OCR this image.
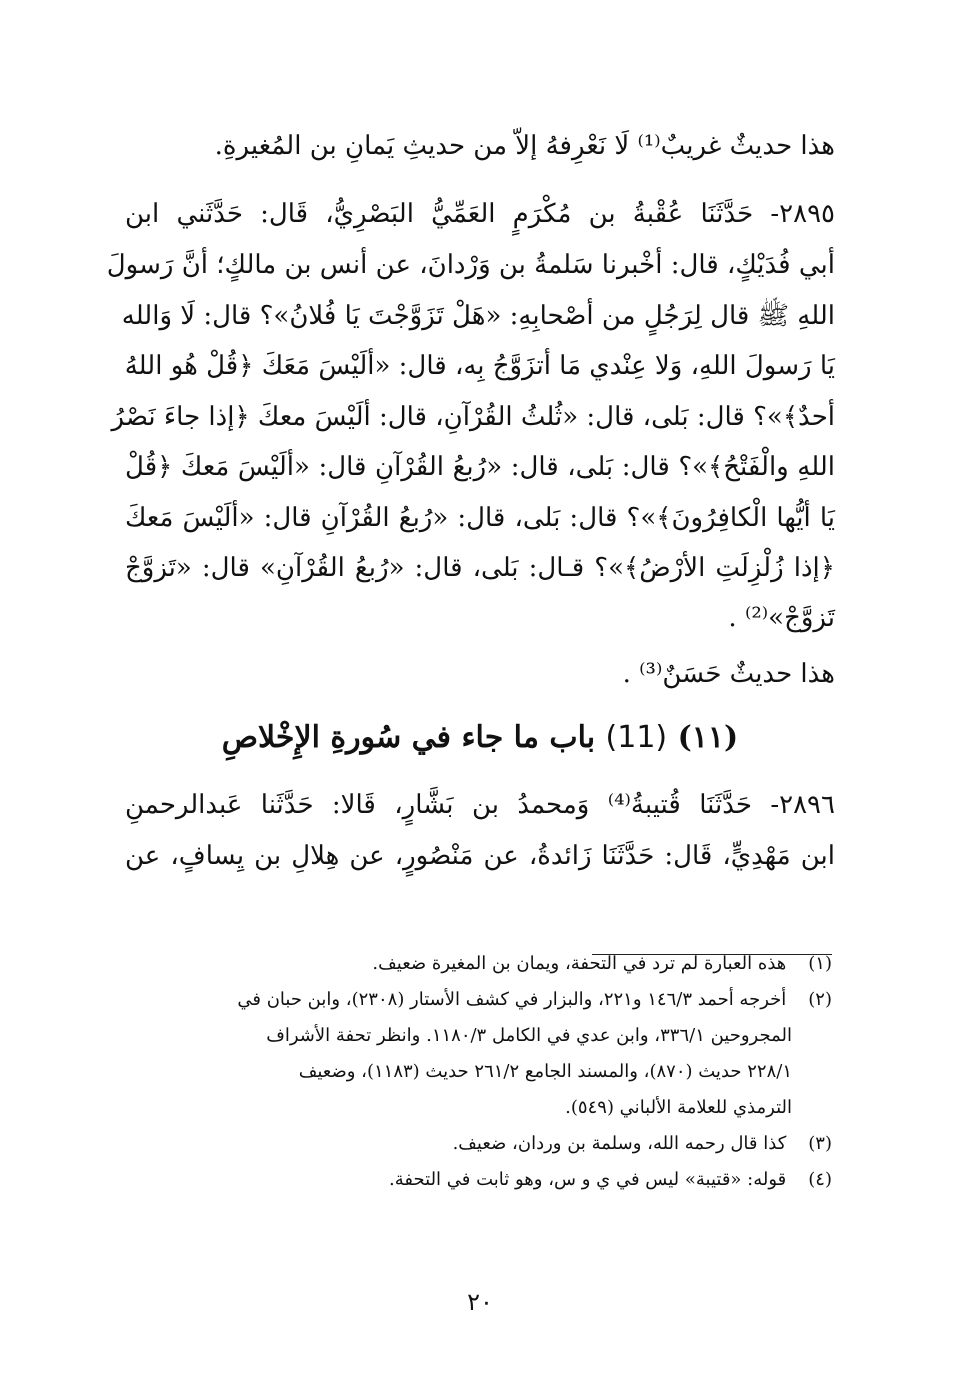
هذا حديثٌ غريبٌ⁽¹⁾ لَا نَعْرِفهُ إلاّ من حديثِ يَمانِ بن المُغيرةِ.
٢٨٩٥- حَدَّثَنَا عُقْبةُ بن مُكْرَمٍ العَمِّيُّ البَصْرِيُّ، قَال: حَدَّثَني ابن
أبي فُدَيْكٍ، قال: أخْبرنا سَلمةُ بن وَرْدانَ، عن أنس بن مالكٍ؛ أنَّ رَسولَ
اللهِ ﷺ قال لِرَجُلٍ من أصْحابِهِ: «هَلْ تَزَوَّجْتَ يَا فُلانُ»؟ قال: لَا وَالله
يَا رَسولَ اللهِ، وَلا عِنْدي مَا أتزَوَّجُ بِه، قال: «ألَيْسَ مَعَكَ ﴿قُلْ هُو اللهُ
أحدٌ﴾»؟ قال: بَلى، قال: «ثُلثُ القُرْآنِ، قال: ألَيْسَ معكَ ﴿إذا جاءَ نَصْرُ
اللهِ والْفَتْحُ﴾»؟ قال: بَلى، قال: «رُبعُ القُرْآنِ قال: «ألَيْسَ مَعكَ ﴿قُلْ
يَا أيُّها الْكافِرُونَ﴾»؟ قال: بَلى، قال: «رُبعُ القُرْآنِ قال: «ألَيْسَ مَعكَ
﴿إذا زُلْزِلَتِ الأرْضُ﴾»؟ قـال: بَلى، قال: «رُبعُ القُرْآنِ» قال: «تَزوَّجْ
تَزوَّجْ»⁽²⁾ .
هذا حديثٌ حَسَنٌ⁽³⁾ .
(١١) (11) باب ما جاء في سُورةِ الإِخْلاصِ
٢٨٩٦- حَدَّثَنَا قُتيبةُ⁽⁴⁾ وَمحمدُ بن بَشَّارٍ، قَالا: حَدَّثَنا عَبدالرحمنِ
ابن مَهْدِيٍّ، قَال: حَدَّثَنَا زَائدةُ، عن مَنْصُورٍ، عن هِلالِ بن يِسافٍ، عن
(١) هذه العبارة لم ترد في التحفة، ويمان بن المغيرة ضعيف.
(٢) أخرجه أحمد ١٤٦/٣ و٢٢١، والبزار في كشف الأستار (٢٣٠٨)، وابن حبان في
المجروحين ٣٣٦/١، وابن عدي في الكامل ١١٨٠/٣. وانظر تحفة الأشراف
٢٢٨/١ حديث (٨٧٠)، والمسند الجامع ٢٦١/٢ حديث (١١٨٣)، وضعيف
الترمذي للعلامة الألباني (٥٤٩).
(٣) كذا قال رحمه الله، وسلمة بن وردان، ضعيف.
(٤) قوله: «قتيبة» ليس في ي و س، وهو ثابت في التحفة.
٢٠
